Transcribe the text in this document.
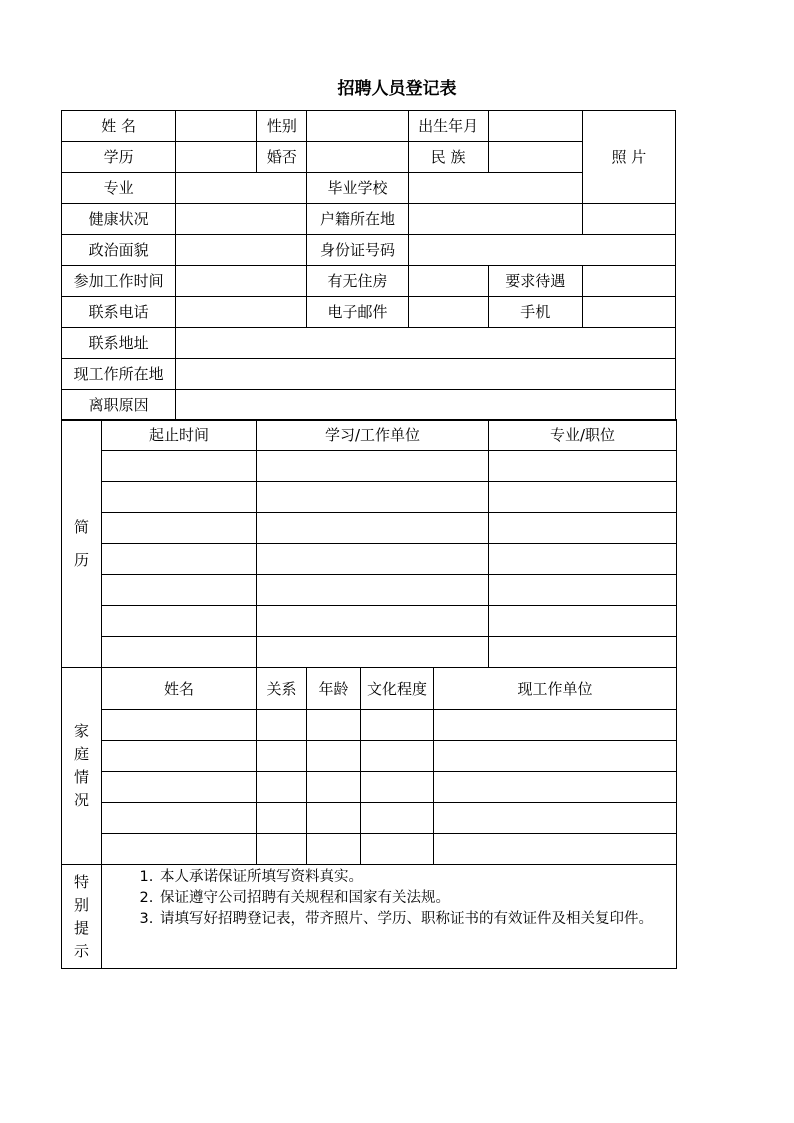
招聘人员登记表
姓 名		性别		出生年月		照 片
学历		婚否		民 族		
专业			毕业学校			
健康状况			户籍所在地			
政治面貌			身份证号码			
参加工作时间			有无住房		要求待遇	
联系电话			电子邮件		手机	
联系地址						
现工作所在地						
离职原因						
简
历	起止时间	学习/工作单位	专业/职位

家
庭
情
况	姓名	关系	年龄	文化程度	现工作单位

特
别
提
示

1. 本人承诺保证所填写资料真实。
2. 保证遵守公司招聘有关规程和国家有关法规。
3. 请填写好招聘登记表，带齐照片、学历、职称证书的有效证件及相关复印件。
